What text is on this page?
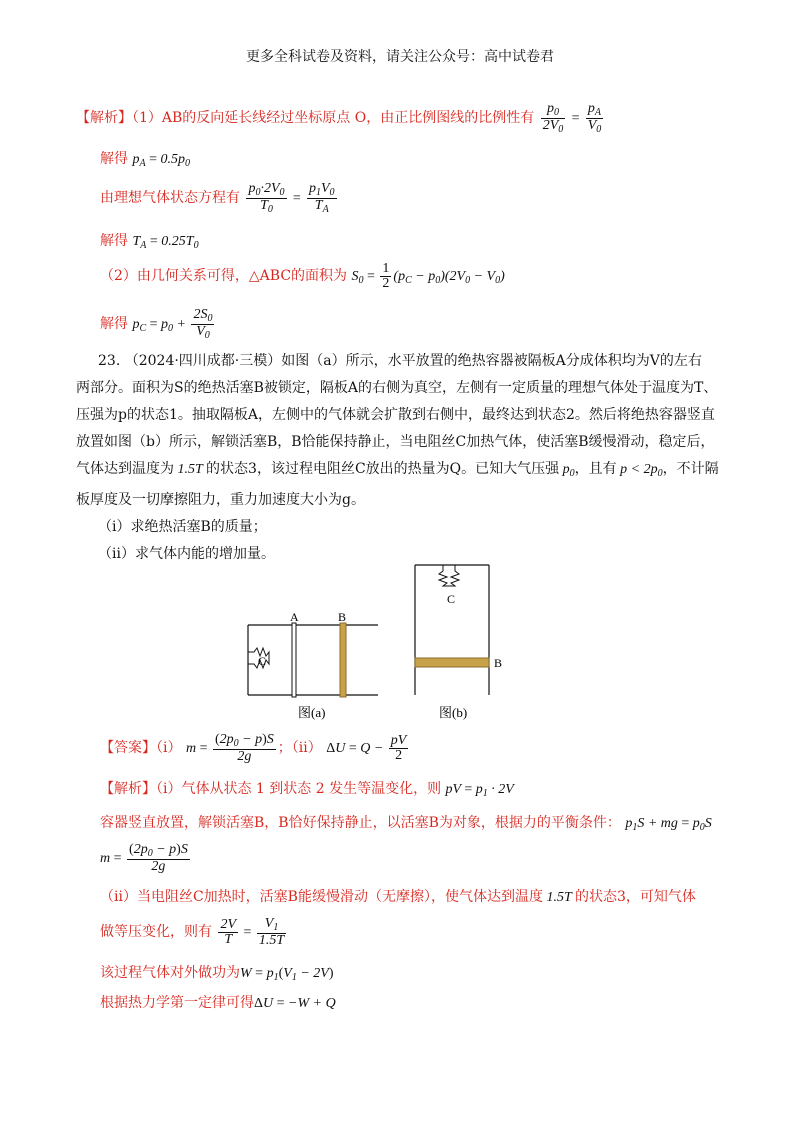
更多全科试卷及资料，请关注公众号：高中试卷君
【解析】（1）AB的反向延长线经过坐标原点 O，由正比例图线的比例性有 $\frac{p_0}{2V_0} = \frac{p_A}{V_0}$
解得 $p_A = 0.5p_0$
由理想气体状态方程有 $\frac{p_0\cdot 2V_0}{T_0} = \frac{p_1V_0}{T_A}$
解得 $T_A = 0.25T_0$
（2）由几何关系可得，△ABC的面积为 $S_0 = \frac{1}{2} (p_C - p_0)(2V_0 - V_0)$
解得 $p_C = p_0 + \frac{2S_0}{V_0}$
23. （2024·四川成都·三模）如图（a）所示，水平放置的绝热容器被隔板A分成体积均为V的左右
两部分。面积为S的绝热活塞B被锁定，隔板A的右侧为真空，左侧有一定质量的理想气体处于温度为T、
压强为p的状态1。抽取隔板A，左侧中的气体就会扩散到右侧中，最终达到状态2。然后将绝热容器竖直
放置如图（b）所示，解锁活塞B，B恰能保持静止，当电阻丝C加热气体，使活塞B缓慢滑动，稳定后，
气体达到温度为 1.5T 的状态3，该过程电阻丝C放出的热量为Q。已知大气压强 $p_0$，且有 $p < 2p_0$，不计隔
板厚度及一切摩擦阻力，重力加速度大小为g。
（ⅰ）求绝热活塞B的质量；
（ⅱ）求气体内能的增加量。
C
A	B
图(a)
C
B
图(b)
【答案】（ⅰ） $m = \frac{(2p_0 - p)S}{2g}$ ；（ⅱ） $\Delta U = Q - \frac{pV}{2}$
【解析】（ⅰ）气体从状态 1 到状态 2 发生等温变化，则 pV = $p_1 \cdot 2V$
容器竖直放置，解锁活塞B，B恰好保持静止，以活塞B为对象，根据力的平衡条件： $p_1S$ + mg = $p_0S$
$m = \frac{(2p_0 - p)S}{2g}$
（ⅱ）当电阻丝C加热时，活塞B能缓慢滑动（无摩擦），使气体达到温度 1.5T 的状态3，可知气体
做等压变化，则有 $\frac{2V}{T} = \frac{V_1}{1.5T}$
该过程气体对外做功为$W = p_1(V_1 - 2V)$
根据热力学第一定律可得ΔU = −W + Q
